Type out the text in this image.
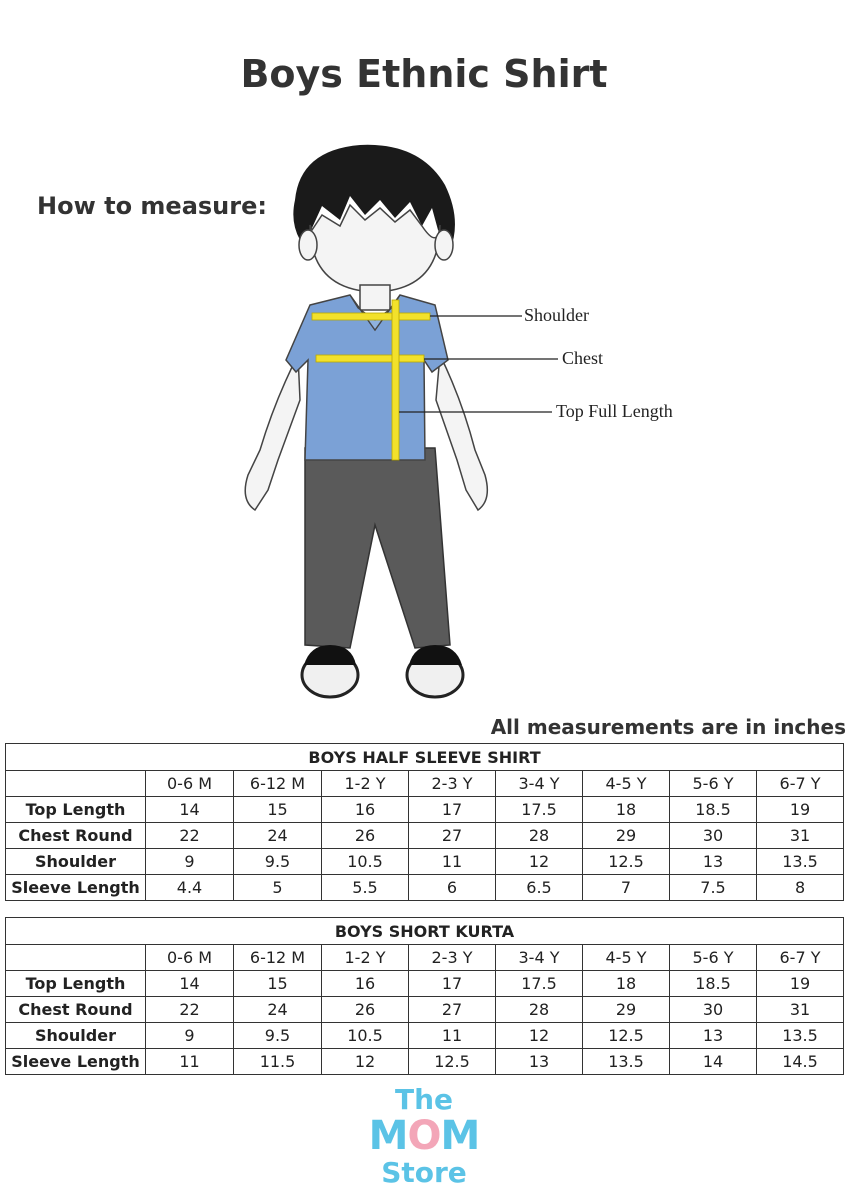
Boys Ethnic Shirt
How to measure:
Shoulder
Chest
Top Full Length
All measurements are in inches
BOYS HALF SLEEVE SHIRT								
	0-6 M	6-12 M	1-2 Y	2-3 Y	3-4 Y	4-5 Y	5-6 Y	6-7 Y
Top Length	14	15	16	17	17.5	18	18.5	19
Chest Round	22	24	26	27	28	29	30	31
Shoulder	9	9.5	10.5	11	12	12.5	13	13.5
Sleeve Length	4.4	5	5.5	6	6.5	7	7.5	8
BOYS SHORT KURTA								
	0-6 M	6-12 M	1-2 Y	2-3 Y	3-4 Y	4-5 Y	5-6 Y	6-7 Y
Top Length	14	15	16	17	17.5	18	18.5	19
Chest Round	22	24	26	27	28	29	30	31
Shoulder	9	9.5	10.5	11	12	12.5	13	13.5
Sleeve Length	11	11.5	12	12.5	13	13.5	14	14.5
The
MOM
Store
